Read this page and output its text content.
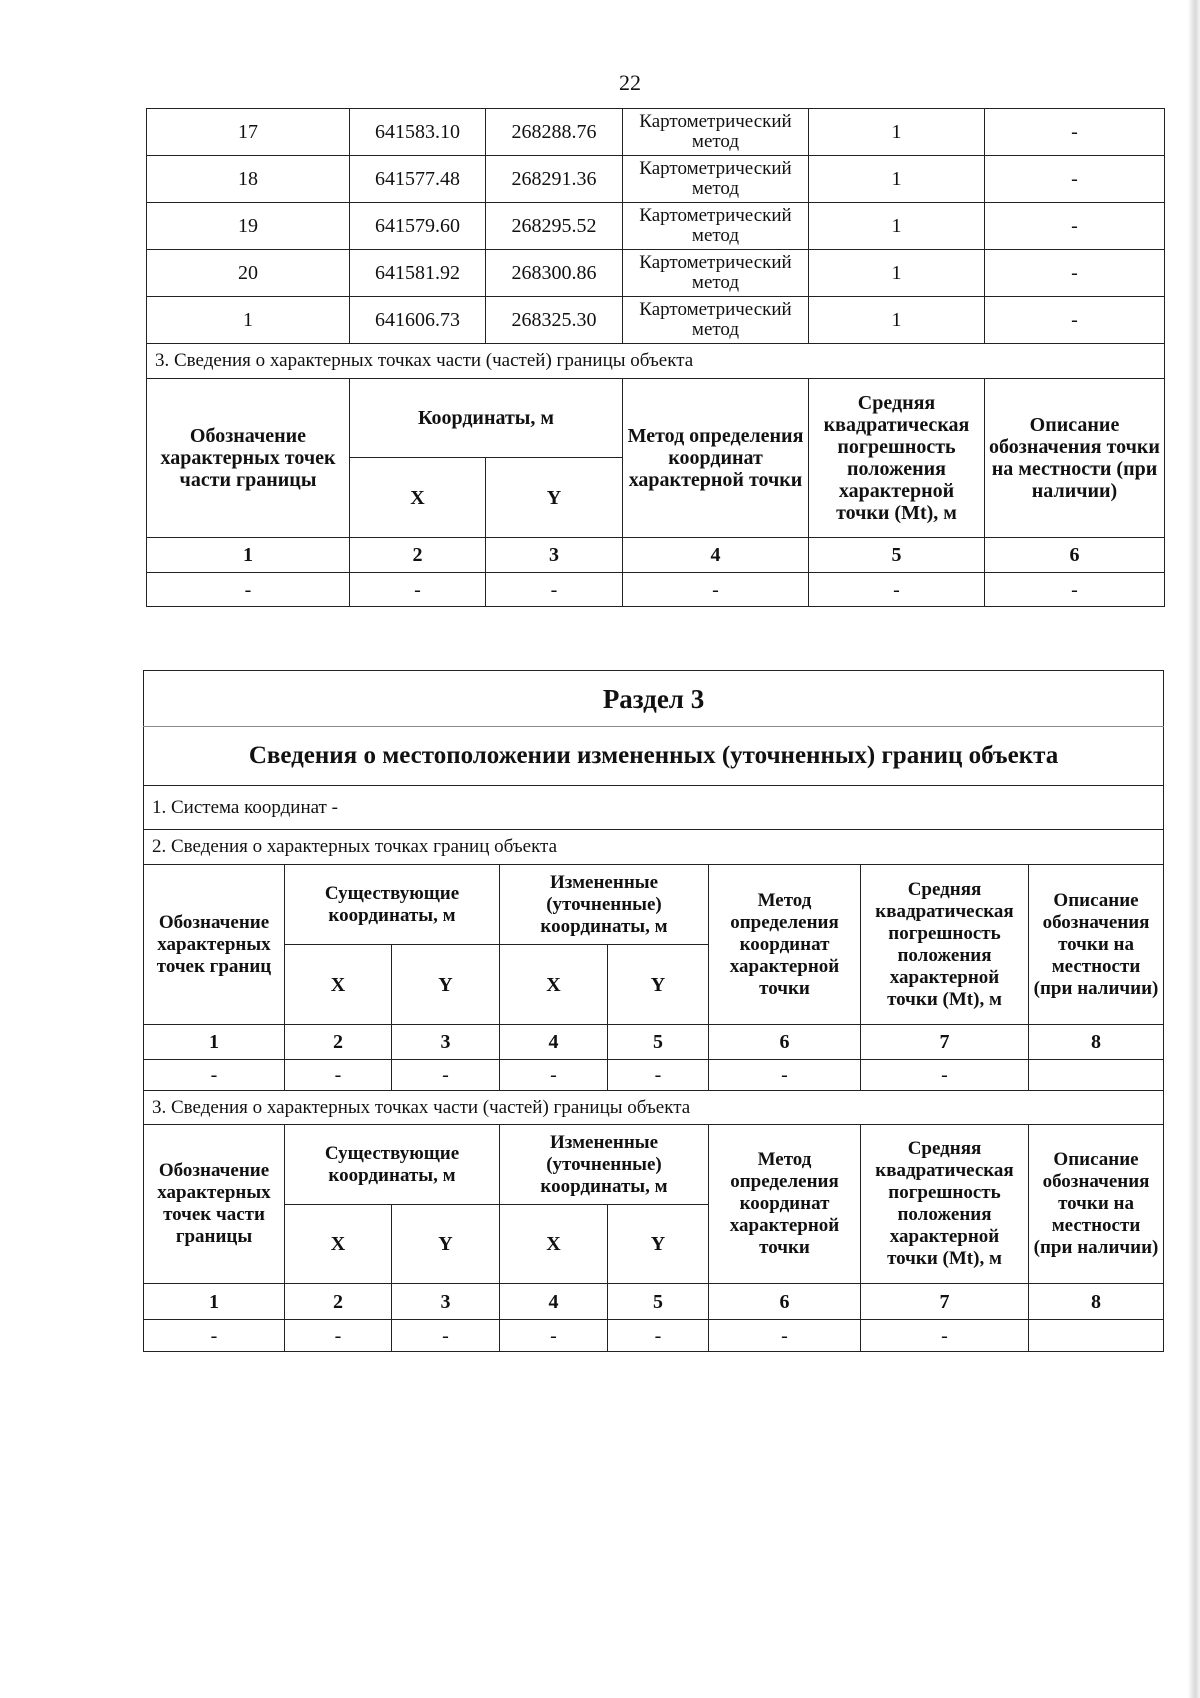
22
17	641583.10	268288.76	Картометрический метод	1	-
18	641577.48	268291.36	Картометрический метод	1	-
19	641579.60	268295.52	Картометрический метод	1	-
20	641581.92	268300.86	Картометрический метод	1	-
1	641606.73	268325.30	Картометрический метод	1	-
3. Сведения о характерных точках части (частей) границы объекта					
Обозначение характерных точек части границы	Координаты, м		Метод определения координат характерной точки	Средняя квадратическая погрешность положения характерной точки (Mt), м	Описание обозначения точки на местности (при наличии)
	X	Y			
1	2	3	4	5	6
-	-	-	-	-	-
Раздел 3							
Сведения о местоположении измененных (уточненных) границ объекта							
1. Система координат -							
2. Сведения о характерных точках границ объекта							
Обозначение характерных точек границ	Существующие координаты, м		Измененные (уточненные) координаты, м		Метод определения координат характерной точки	Средняя квадратическая погрешность положения характерной точки (Mt), м	Описание обозначения точки на местности (при наличии)
	X	Y	X	Y			
1	2	3	4	5	6	7	8
-	-	-	-	-	-	-	
3. Сведения о характерных точках части (частей) границы объекта							
Обозначение характерных точек части границы	Существующие координаты, м		Измененные (уточненные) координаты, м		Метод определения координат характерной точки	Средняя квадратическая погрешность положения характерной точки (Mt), м	Описание обозначения точки на местности (при наличии)
	X	Y	X	Y			
1	2	3	4	5	6	7	8
-	-	-	-	-	-	-	
